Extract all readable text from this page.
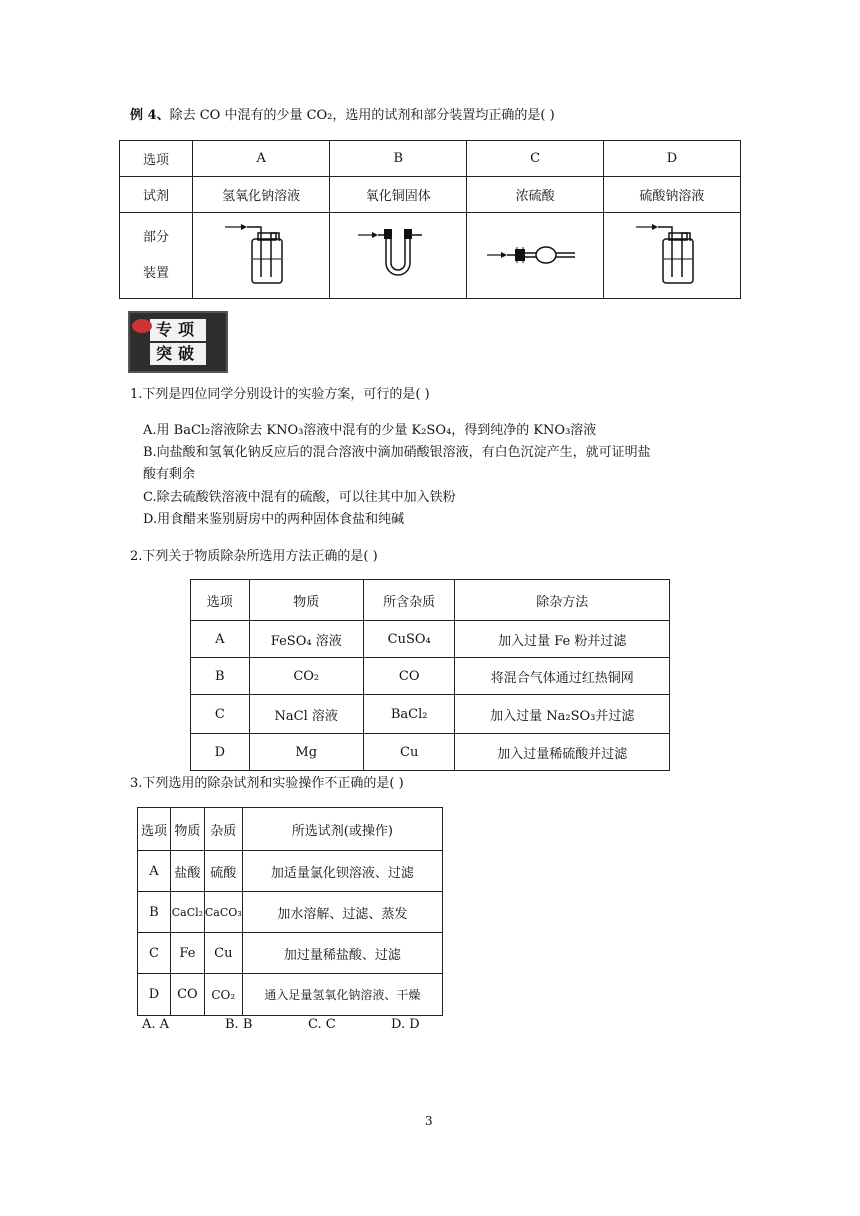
例 4、除去 CO 中混有的少量 CO₂，选用的试剂和部分装置均正确的是( )
选项	A	B	C	D
试剂	氢氧化钠溶液	氧化铜固体	浓硫酸	硫酸钠溶液

部分
装置

专项
突破
1.下列是四位同学分别设计的实验方案，可行的是( )
A.用 BaCl₂溶液除去 KNO₃溶液中混有的少量 K₂SO₄，得到纯净的 KNO₃溶液
B.向盐酸和氢氧化钠反应后的混合溶液中滴加硝酸银溶液，有白色沉淀产生，就可证明盐
酸有剩余
C.除去硫酸铁溶液中混有的硫酸，可以往其中加入铁粉
D.用食醋来鉴别厨房中的两种固体食盐和纯碱
2.下列关于物质除杂所选用方法正确的是( )
选项	物质	所含杂质	除杂方法
A	FeSO₄ 溶液	CuSO₄	加入过量 Fe 粉并过滤
B	CO₂	CO	将混合气体通过红热铜网
C	NaCl 溶液	BaCl₂	加入过量 Na₂SO₃并过滤
D	Mg	Cu	加入过量稀硫酸并过滤
3.下列选用的除杂试剂和实验操作不正确的是( )
选项	物质	杂质	所选试剂(或操作)
A	盐酸	硫酸	加适量氯化钡溶液、过滤
B	CaCl₂	CaCO₃	加水溶解、过滤、蒸发
C	Fe	Cu	加过量稀盐酸、过滤
D	CO	CO₂	通入足量氢氧化钠溶液、干燥
A. A	B. B	C. C	D. D
3
